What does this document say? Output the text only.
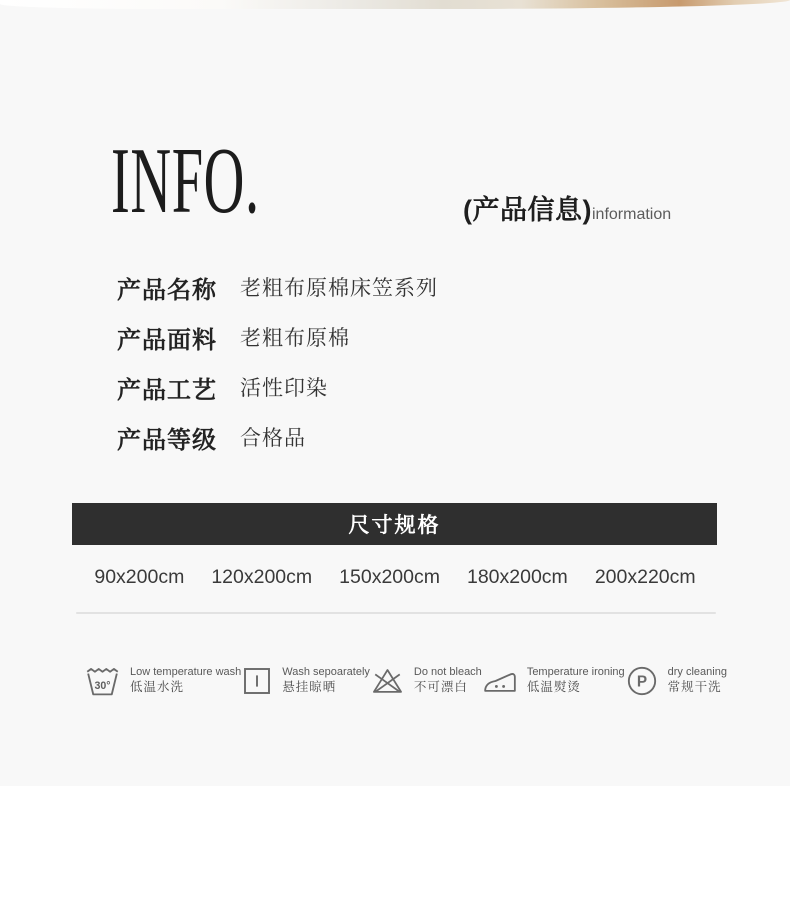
INFO.	(产品信息) information
产品名称	老粗布原棉床笠系列
产品面料	老粗布原棉
产品工艺	活性印染
产品等级	合格品
尺寸规格
90x200cm 120x200cm 150x200cm 180x200cm 200x220cm
30°
Low temperature wash
低温水洗
Wash sepoarately
悬挂晾晒
Do not bleach
不可漂白
Temperature ironing
低温熨烫	P
dry cleaning
常规干洗
